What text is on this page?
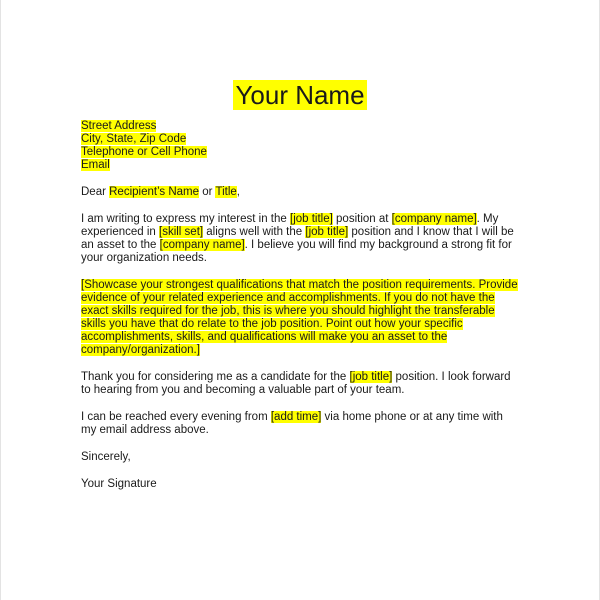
Your Name
Street Address
City, State, Zip Code
Telephone or Cell Phone
Email

Dear Recipient’s Name or Title,

I am writing to express my interest in the [job title] position at [company name]. My experienced in [skill set] aligns well with the [job title] position and I know that I will be an asset to the [company name]. I believe you will find my background a strong fit for your organization needs.

[Showcase your strongest qualifications that match the position requirements. Provide evidence of your related experience and accomplishments. If you do not have the exact skills required for the job, this is where you should highlight the transferable skills you have that do relate to the job position. Point out how your specific accomplishments, skills, and qualifications will make you an asset to the company/organization.]

Thank you for considering me as a candidate for the [job title] position. I look forward to hearing from you and becoming a valuable part of your team.

I can be reached every evening from [add time] via home phone or at any time with my email address above.

Sincerely,

Your Signature
